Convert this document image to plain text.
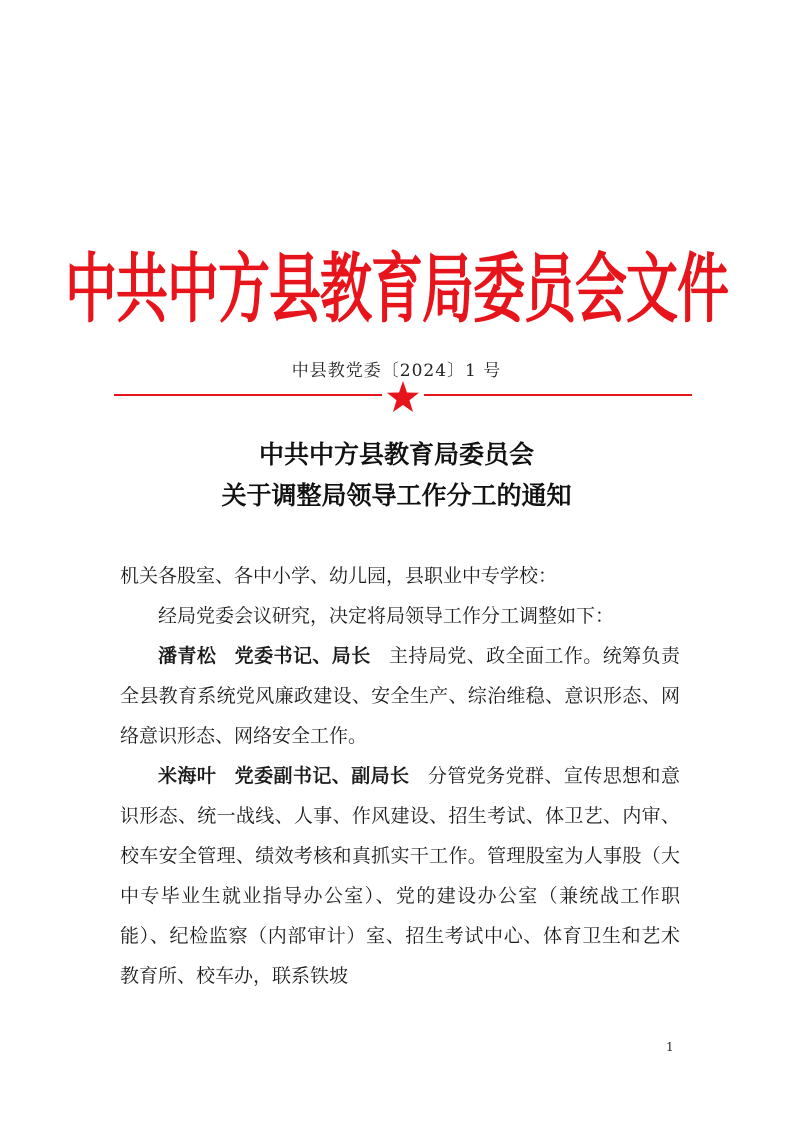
中共中方县教育局委员会文件
中县教党委〔2024〕1 号
中共中方县教育局委员会
关于调整局领导工作分工的通知

机关各股室、各中小学、幼儿园，县职业中专学校：

经局党委会议研究，决定将局领导工作分工调整如下：

潘青松 党委书记、局长 主持局党、政全面工作。统筹负责全县教育系统党风廉政建设、安全生产、综治维稳、意识形态、网络意识形态、网络安全工作。

米海叶 党委副书记、副局长 分管党务党群、宣传思想和意识形态、统一战线、人事、作风建设、招生考试、体卫艺、内审、校车安全管理、绩效考核和真抓实干工作。管理股室为人事股（大中专毕业生就业指导办公室）、党的建设办公室（兼统战工作职能）、纪检监察（内部审计）室、招生考试中心、体育卫生和艺术教育所、校车办，联系铁坡

1
